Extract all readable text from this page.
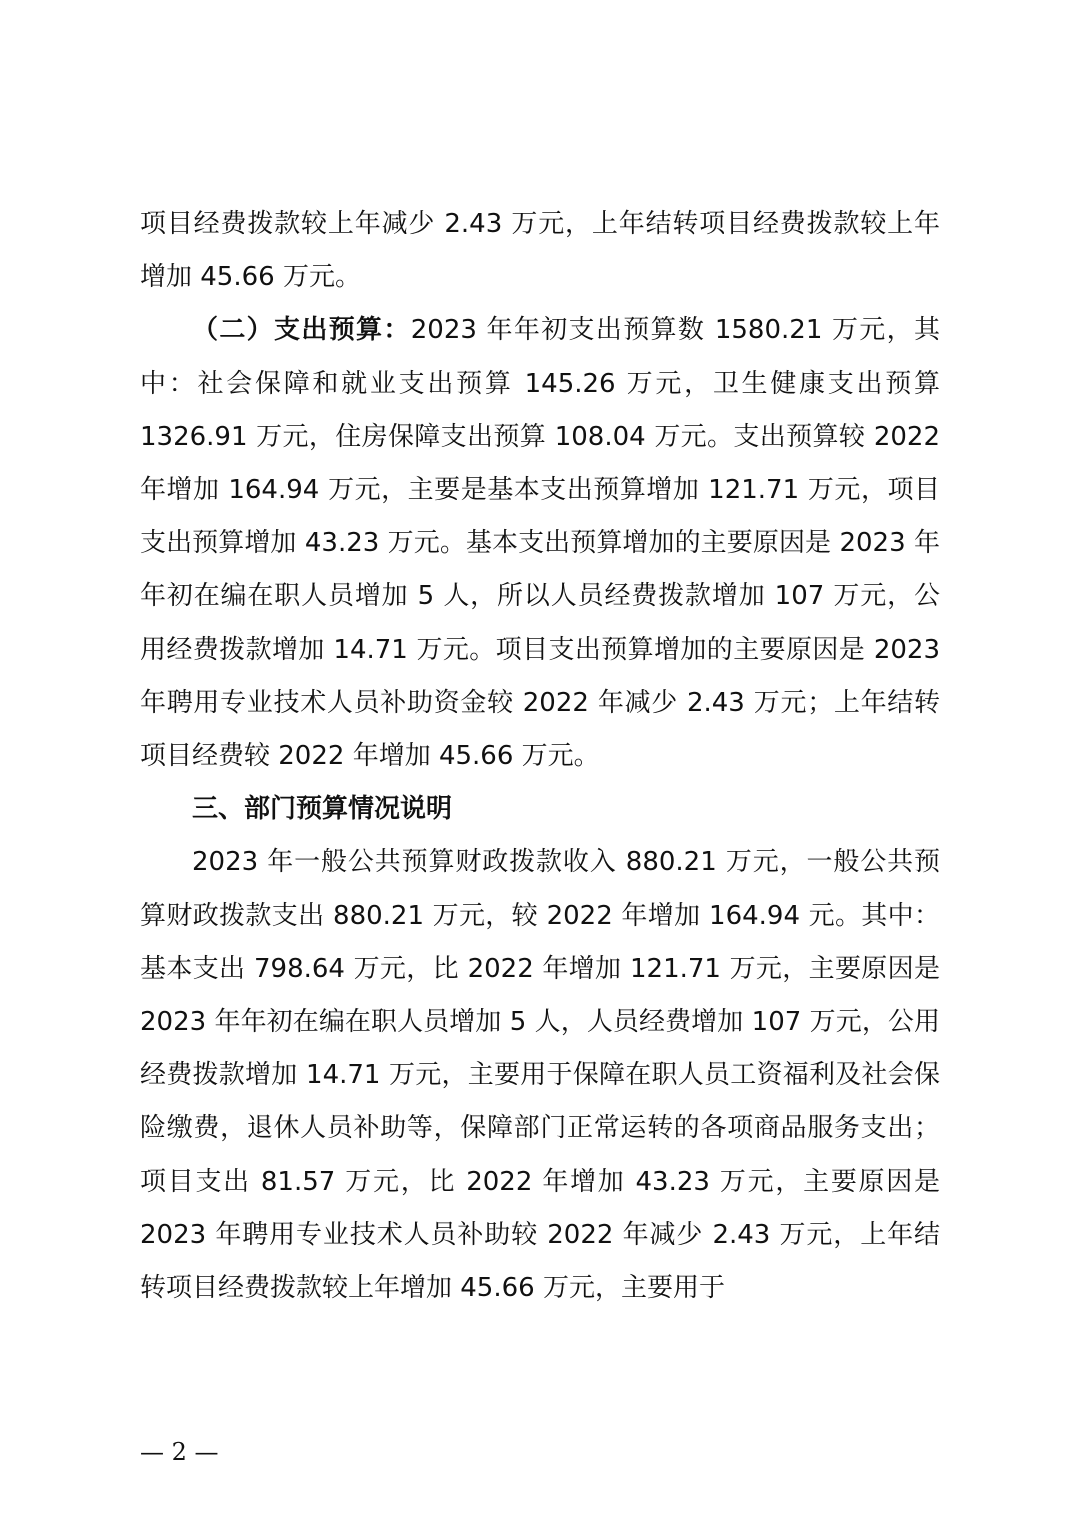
项目经费拨款较上年减少 2.43 万元，上年结转项目经费拨款较上年增加 45.66 万元。

（二）支出预算：2023 年年初支出预算数 1580.21 万元，其中：社会保障和就业支出预算 145.26 万元，卫生健康支出预算 1326.91 万元，住房保障支出预算 108.04 万元。支出预算较 2022 年增加 164.94 万元，主要是基本支出预算增加 121.71 万元，项目支出预算增加 43.23 万元。基本支出预算增加的主要原因是 2023 年年初在编在职人员增加 5 人，所以人员经费拨款增加 107 万元，公用经费拨款增加 14.71 万元。项目支出预算增加的主要原因是 2023 年聘用专业技术人员补助资金较 2022 年减少 2.43 万元；上年结转项目经费较 2022 年增加 45.66 万元。

三、部门预算情况说明

2023 年一般公共预算财政拨款收入 880.21 万元，一般公共预算财政拨款支出 880.21 万元，较 2022 年增加 164.94 元。其中：基本支出 798.64 万元，比 2022 年增加 121.71 万元，主要原因是 2023 年年初在编在职人员增加 5 人，人员经费增加 107 万元，公用经费拨款增加 14.71 万元，主要用于保障在职人员工资福利及社会保险缴费，退休人员补助等，保障部门正常运转的各项商品服务支出；项目支出 81.57 万元，比 2022 年增加 43.23 万元，主要原因是 2023 年聘用专业技术人员补助较 2022 年减少 2.43 万元，上年结转项目经费拨款较上年增加 45.66 万元，主要用于

— 2 —
